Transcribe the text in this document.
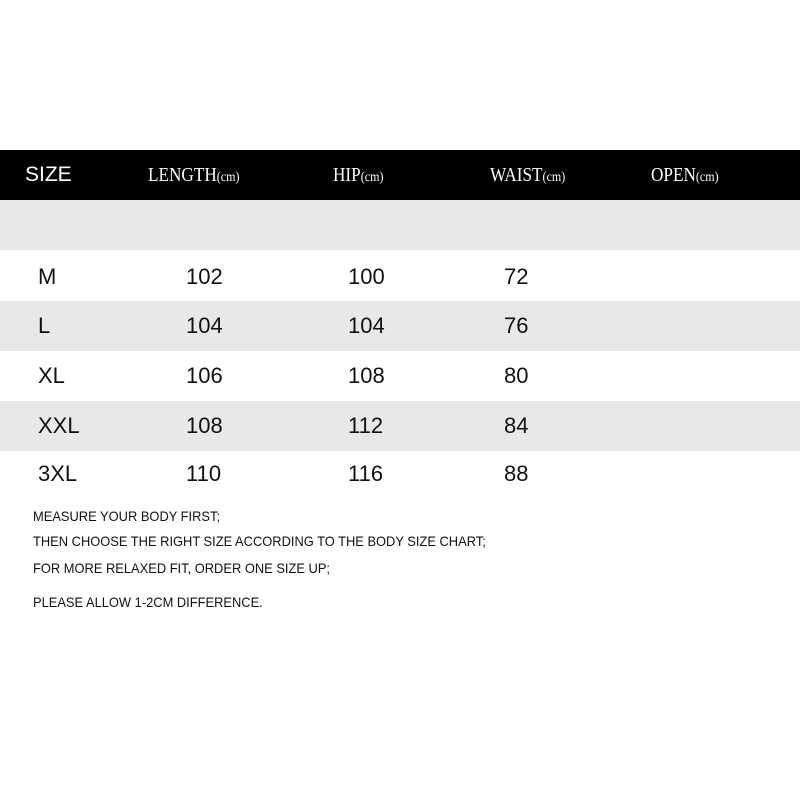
SIZE	LENGTH(cm)	HIP(cm)	WAIST(cm)	OPEN(cm)
M	102	100	72
L	104	104	76
XL	106	108	80
XXL	108	112	84
3XL	110	116	88
MEASURE YOUR BODY FIRST;
THEN CHOOSE THE RIGHT SIZE ACCORDING TO THE BODY SIZE CHART;
FOR MORE RELAXED FIT, ORDER ONE SIZE UP;
PLEASE ALLOW 1-2CM DIFFERENCE.
